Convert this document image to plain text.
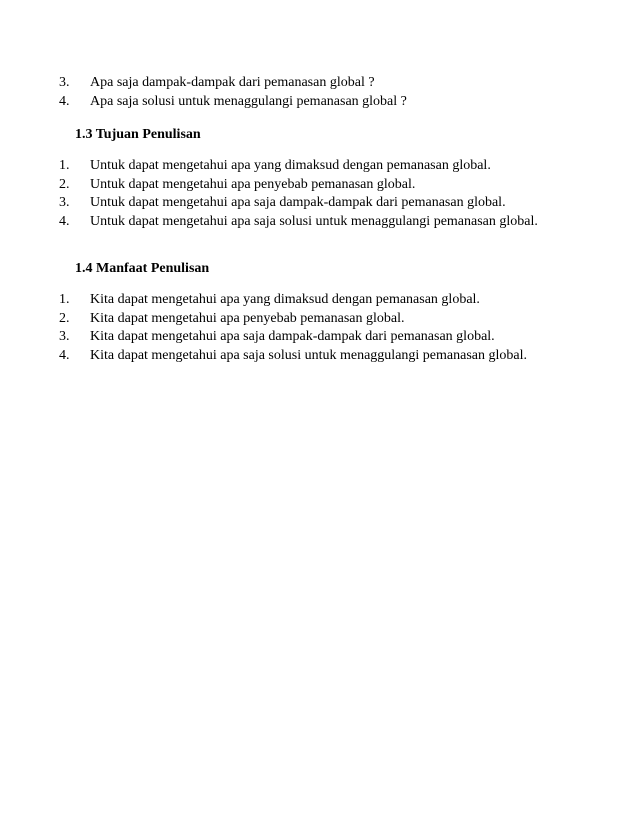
3.	Apa saja dampak-dampak dari pemanasan global ?
4.	Apa saja solusi untuk menaggulangi pemanasan global ?
1.3 Tujuan Penulisan
1.	Untuk dapat mengetahui apa yang dimaksud dengan pemanasan global.
2.	Untuk dapat mengetahui apa penyebab pemanasan global.
3.	Untuk dapat mengetahui apa saja dampak-dampak dari pemanasan global.
4.	Untuk dapat mengetahui apa saja solusi untuk menaggulangi pemanasan global.
1.4 Manfaat Penulisan
1.	Kita dapat mengetahui apa yang dimaksud dengan pemanasan global.
2.	Kita dapat mengetahui apa penyebab pemanasan global.
3.	Kita dapat mengetahui apa saja dampak-dampak dari pemanasan global.
4.	Kita dapat mengetahui apa saja solusi untuk menaggulangi pemanasan global.
